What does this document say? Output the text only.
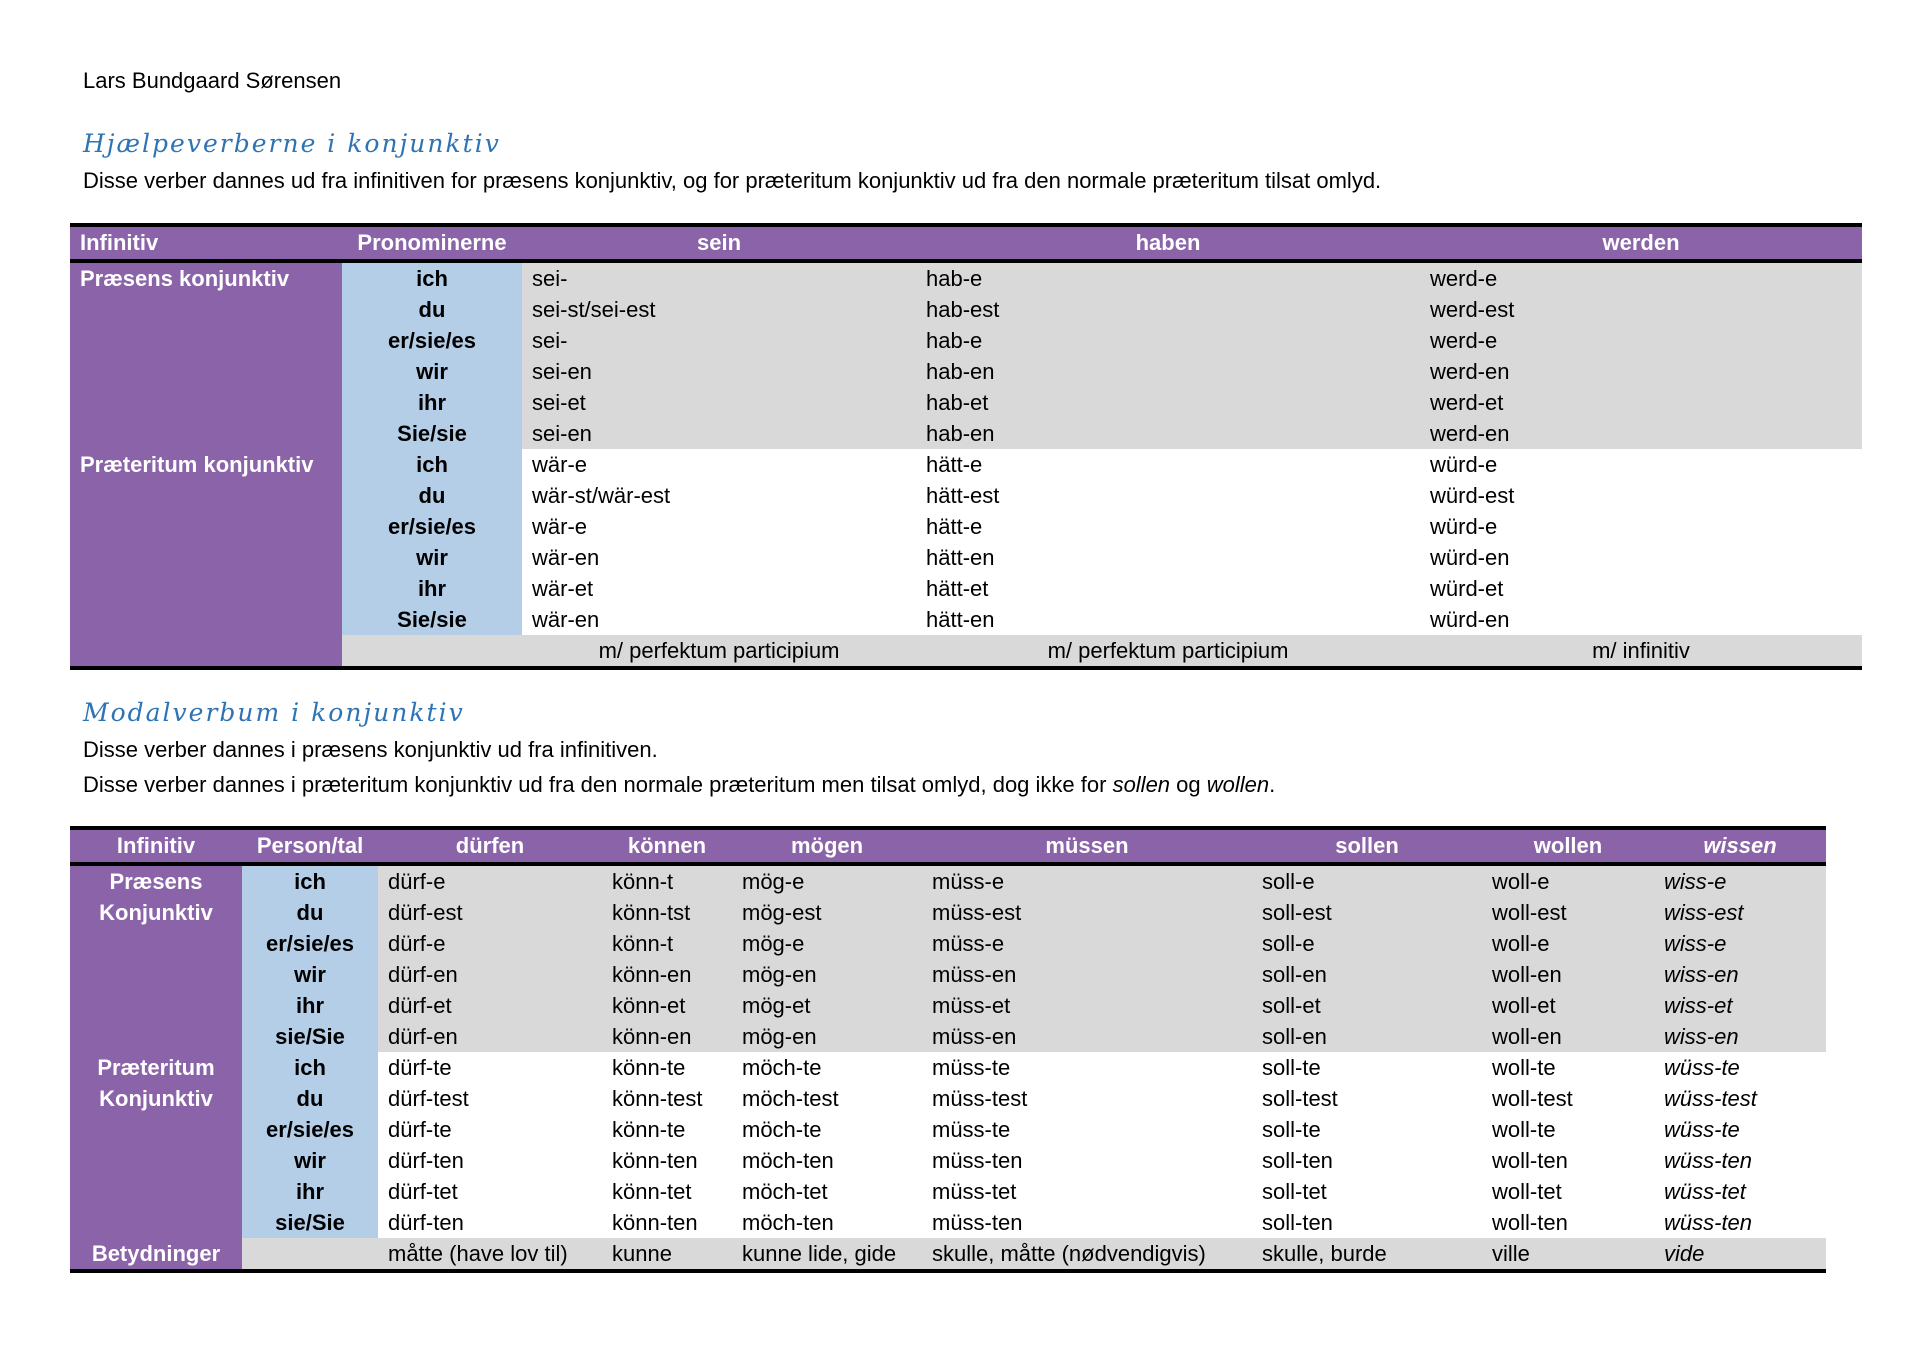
Lars Bundgaard Sørensen
Hjælpeverberne i konjunktiv
Disse verber dannes ud fra infinitiven for præsens konjunktiv, og for præteritum konjunktiv ud fra den normale præteritum tilsat omlyd.
Infinitiv	Pronominerne	sein	haben	werden
Præsens konjunktiv	ich	sei-	hab-e	werd-e
	du	sei-st/sei-est	hab-est	werd-est
	er/sie/es	sei-	hab-e	werd-e
	wir	sei-en	hab-en	werd-en
	ihr	sei-et	hab-et	werd-et
	Sie/sie	sei-en	hab-en	werd-en
Præteritum konjunktiv	ich	wär-e	hätt-e	würd-e
	du	wär-st/wär-est	hätt-est	würd-est
	er/sie/es	wär-e	hätt-e	würd-e
	wir	wär-en	hätt-en	würd-en
	ihr	wär-et	hätt-et	würd-et
	Sie/sie	wär-en	hätt-en	würd-en
		m/ perfektum participium	m/ perfektum participium	m/ infinitiv
Modalverbum i konjunktiv
Disse verber dannes i præsens konjunktiv ud fra infinitiven.
Disse verber dannes i præteritum konjunktiv ud fra den normale præteritum men tilsat omlyd, dog ikke for sollen og wollen.
Infinitiv	Person/tal	dürfen	können	mögen	müssen	sollen	wollen	wissen

Præsens
Konjunktiv	ich	dürf-e	könn-t	mög-e	müss-e	soll-e	woll-e	wiss-e
	du	dürf-est	könn-tst	mög-est	müss-est	soll-est	woll-est	wiss-est
	er/sie/es	dürf-e	könn-t	mög-e	müss-e	soll-e	woll-e	wiss-e
	wir	dürf-en	könn-en	mög-en	müss-en	soll-en	woll-en	wiss-en
	ihr	dürf-et	könn-et	mög-et	müss-et	soll-et	woll-et	wiss-et
	sie/Sie	dürf-en	könn-en	mög-en	müss-en	soll-en	woll-en	wiss-en

Præteritum
Konjunktiv	ich	dürf-te	könn-te	möch-te	müss-te	soll-te	woll-te	wüss-te
	du	dürf-test	könn-test	möch-test	müss-test	soll-test	woll-test	wüss-test
	er/sie/es	dürf-te	könn-te	möch-te	müss-te	soll-te	woll-te	wüss-te
	wir	dürf-ten	könn-ten	möch-ten	müss-ten	soll-ten	woll-ten	wüss-ten
	ihr	dürf-tet	könn-tet	möch-tet	müss-tet	soll-tet	woll-tet	wüss-tet
	sie/Sie	dürf-ten	könn-ten	möch-ten	müss-ten	soll-ten	woll-ten	wüss-ten
Betydninger		måtte (have lov til)	kunne	kunne lide, gide	skulle, måtte (nødvendigvis)	skulle, burde	ville	vide
